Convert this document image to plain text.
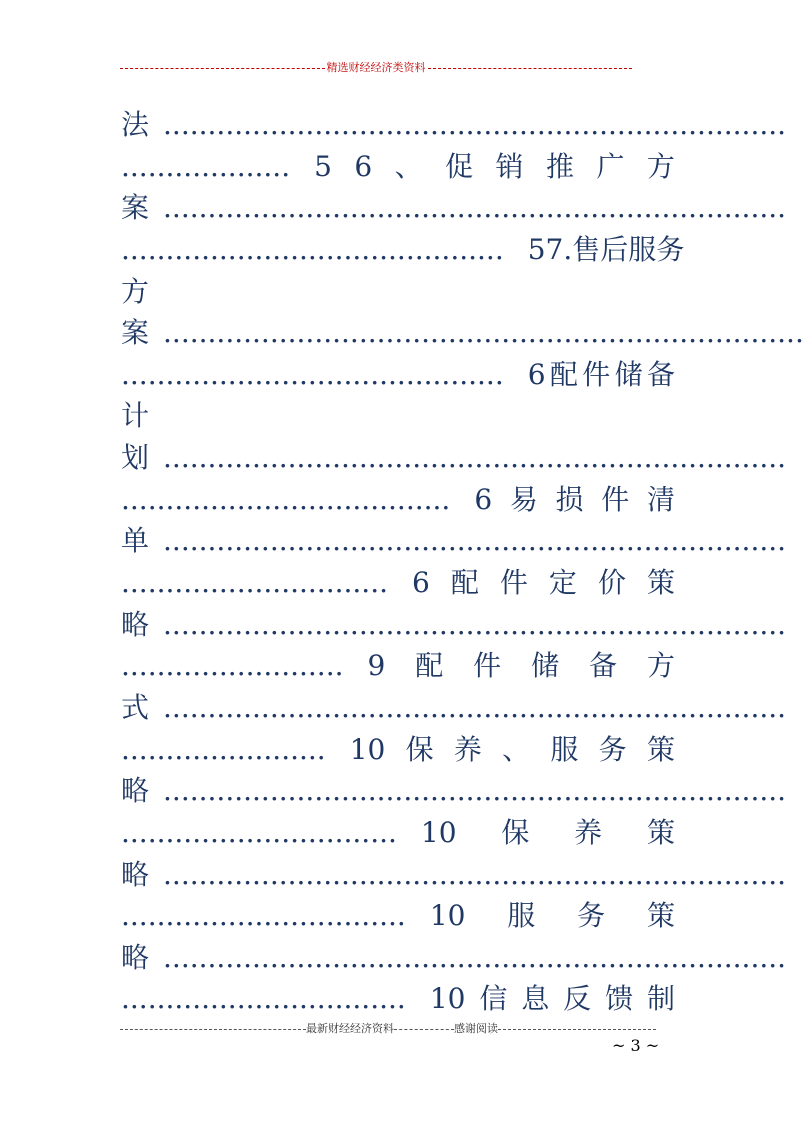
精选财经经济类资料
法 ......................................................................
................... 5 6 、 促 销 推 广 方
案 ......................................................................
........................................... 5 7. 售 后 服 务
方
案 ........................................................................
........................................... 6 配 件 储 备
计
划 ......................................................................
..................................... 6 易 损 件 清
单 ......................................................................
.............................. 6 配 件 定 价 策
略 ......................................................................
......................... 9 配 件 储 备 方
式 ......................................................................
....................... 10 保 养 、 服 务 策
略 ......................................................................
............................... 10 保 养 策
略 ......................................................................
................................ 10 服 务 策
略 ......................................................................
................................ 10 信 息 反 馈 制
最新财经经济资料	感谢阅读
~ 3 ~
